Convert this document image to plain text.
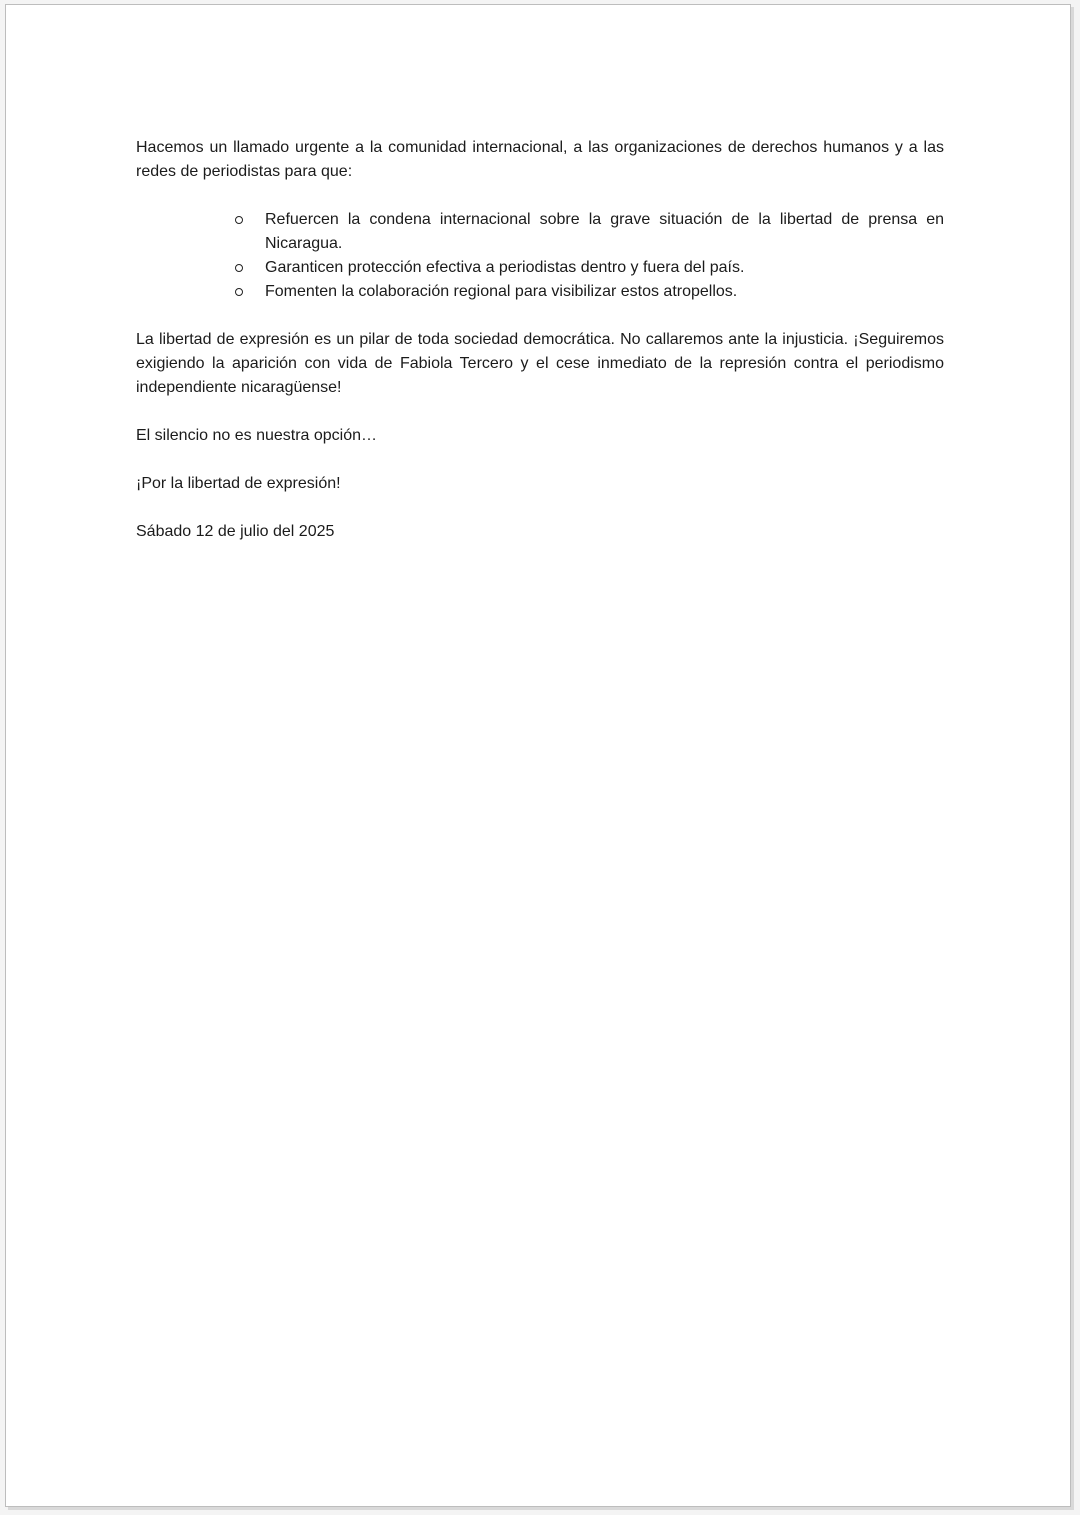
Hacemos un llamado urgente a la comunidad internacional, a las organizaciones de derechos humanos y a las redes de periodistas para que:

Refuercen la condena internacional sobre la grave situación de la libertad de prensa en Nicaragua.
Garanticen protección efectiva a periodistas dentro y fuera del país.
Fomenten la colaboración regional para visibilizar estos atropellos.

La libertad de expresión es un pilar de toda sociedad democrática. No callaremos ante la injusticia. ¡Seguiremos exigiendo la aparición con vida de Fabiola Tercero y el cese inmediato de la represión contra el periodismo independiente nicaragüense!

El silencio no es nuestra opción…

¡Por la libertad de expresión!

Sábado 12 de julio del 2025
